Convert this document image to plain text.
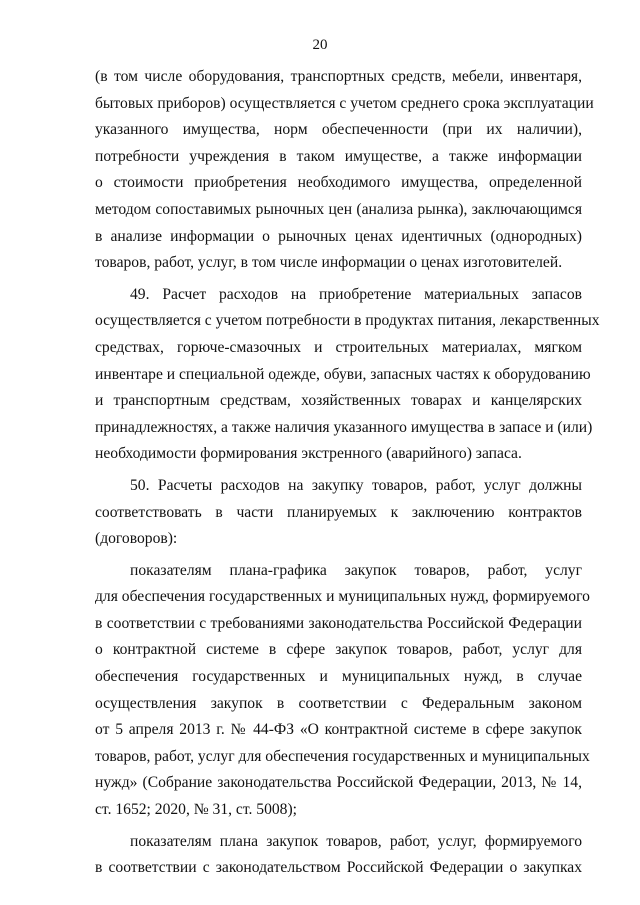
20
(в том числе оборудования, транспортных средств, мебели, инвентаря,
бытовых приборов) осуществляется с учетом среднего срока эксплуатации
указанного имущества, норм обеспеченности (при их наличии),
потребности учреждения в таком имуществе, а также информации
о стоимости приобретения необходимого имущества, определенной
методом сопоставимых рыночных цен (анализа рынка), заключающимся
в анализе информации о рыночных ценах идентичных (однородных)
товаров, работ, услуг, в том числе информации о ценах изготовителей.
49. Расчет расходов на приобретение материальных запасов
осуществляется с учетом потребности в продуктах питания, лекарственных
средствах, горюче-смазочных и строительных материалах, мягком
инвентаре и специальной одежде, обуви, запасных частях к оборудованию
и транспортным средствам, хозяйственных товарах и канцелярских
принадлежностях, а также наличия указанного имущества в запасе и (или)
необходимости формирования экстренного (аварийного) запаса.
50. Расчеты расходов на закупку товаров, работ, услуг должны
соответствовать в части планируемых к заключению контрактов
(договоров):
показателям плана-графика закупок товаров, работ, услуг
для обеспечения государственных и муниципальных нужд, формируемого
в соответствии с требованиями законодательства Российской Федерации
о контрактной системе в сфере закупок товаров, работ, услуг для
обеспечения государственных и муниципальных нужд, в случае
осуществления закупок в соответствии с Федеральным законом
от 5 апреля 2013 г. № 44-ФЗ «О контрактной системе в сфере закупок
товаров, работ, услуг для обеспечения государственных и муниципальных
нужд» (Собрание законодательства Российской Федерации, 2013, № 14,
ст. 1652; 2020, № 31, ст. 5008);
показателям плана закупок товаров, работ, услуг, формируемого
в соответствии с законодательством Российской Федерации о закупках
